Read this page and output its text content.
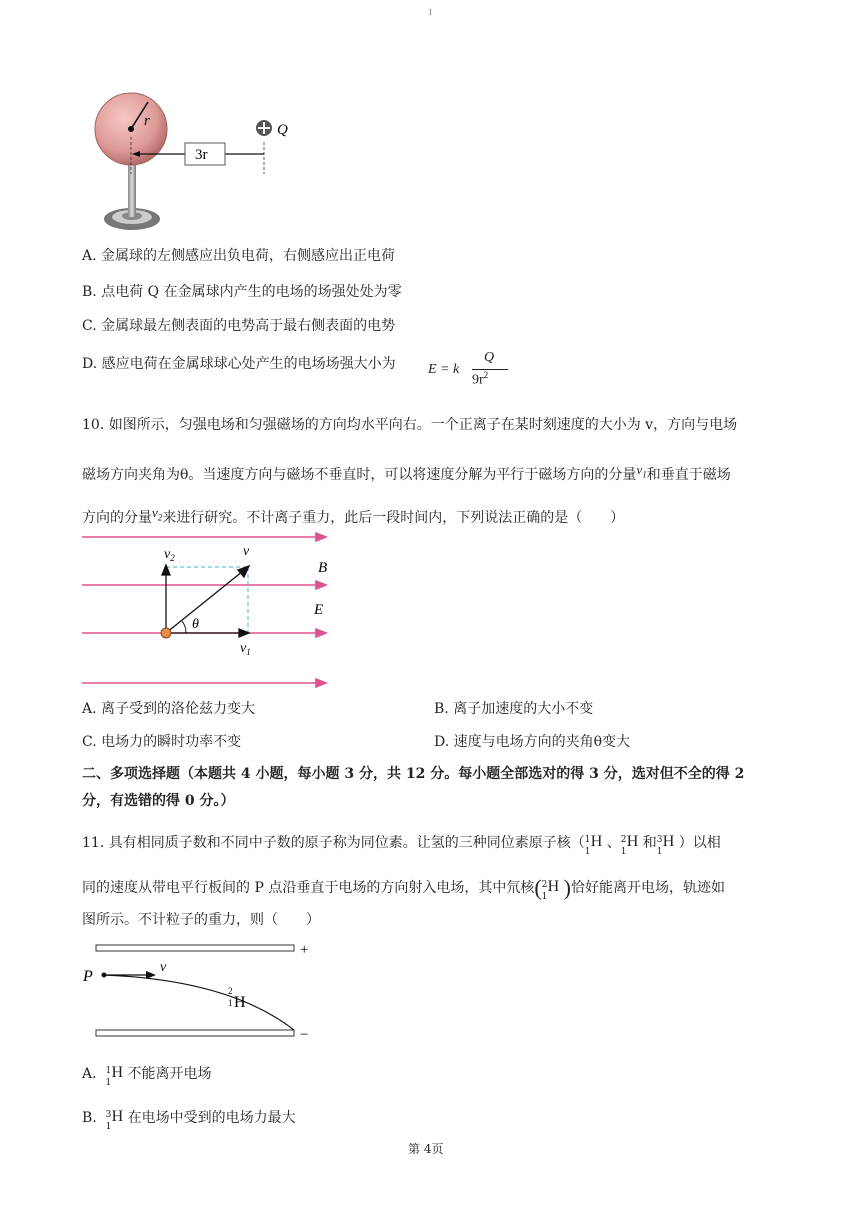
1
r
3r
Q
A. 金属球的左侧感应出负电荷，右侧感应出正电荷
B. 点电荷 Q 在金属球内产生的电场的场强处处为零
C. 金属球最左侧表面的电势高于最右侧表面的电势
D. 感应电荷在金属球球心处产生的电场场强大小为 E = k
Q
$9r^2$
10. 如图所示，匀强电场和匀强磁场的方向均水平向右。一个正离子在某时刻速度的大小为 v，方向与电场
磁场方向夹角为θ。当速度方向与磁场不垂直时，可以将速度分解为平行于磁场方向的分量$v_1$和垂直于磁场
方向的分量$v_2$来进行研究。不计离子重力，此后一段时间内，下列说法正确的是（　　）
$v_2$	v
B
E
θ
$v_1$
A. 离子受到的洛伦兹力变大	B. 离子加速度的大小不变
C. 电场力的瞬时功率不变	D. 速度与电场方向的夹角θ变大
二、多项选择题（本题共 4 小题，每小题 3 分，共 12 分。每小题全部选对的得 3 分，选对但不全的得 2
分，有选错的得 0 分。）
11. 具有相同质子数和不同中子数的原子称为同位素。让氢的三种同位素原子核（ 1
1
H 、 2
1
H 和 3
1
H ）以相
同的速度从带电平行板间的 P 点沿垂直于电场的方向射入电场，其中氘核( 2
1
H )恰好能离开电场，轨迹如
图所示。不计粒子的重力，则（　　）
+
−
P
v
2
1 H
A. 1
1
H 不能离开电场
B. 3
1
H 在电场中受到的电场力最大
第 4页
